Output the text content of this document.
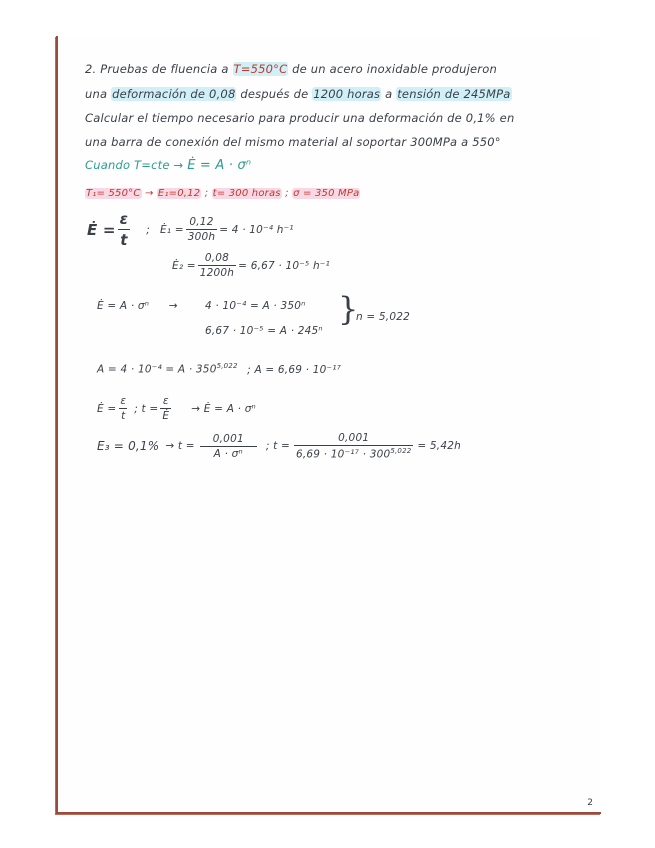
2. Pruebas de fluencia a T=550°C de un acero inoxidable produjeron
una deformación de 0,08 después de 1200 horas a tensión de 245MPa
Calcular el tiempo necesario para producir una deformación de 0,1% en
una barra de conexión del mismo material al soportar 300MPa a 550°
Cuando T=cte → Ė = A · σⁿ
T₁= 550°C → E₁=0,12 ; t= 300 horas ; σ = 350 MPa
Ė = $\frac{\varepsilon}{t}$ ; Ė₁ = $\frac{0,12}{300h} = 4 \cdot 10^{-4}$ h⁻¹
Ė₂ = $\frac{0,08}{1200h} = 6,67 \cdot 10^{-5}$ h⁻¹
Ė = A · σⁿ →	4 · 10⁻⁴ = A · 350ⁿ
6,67 · 10⁻⁵ = A · 245ⁿ
}
n = 5,022
$A = 4 \cdot 10^{-4} = A \cdot 350^{5,022}$ ; A = 6,69 · 10⁻¹⁷
Ė = $\frac{\varepsilon}{t}$ ; $t = \frac{\varepsilon}{Ė}$ → Ė = A · σⁿ
$E_3 = 0,1\% \to t = \frac{0,001}{\text{A · σⁿ}}$ ; $t = \frac{0,001}{6,69 \cdot 10^{-17} \cdot 300^{5,022}} = 5,42h$
2
